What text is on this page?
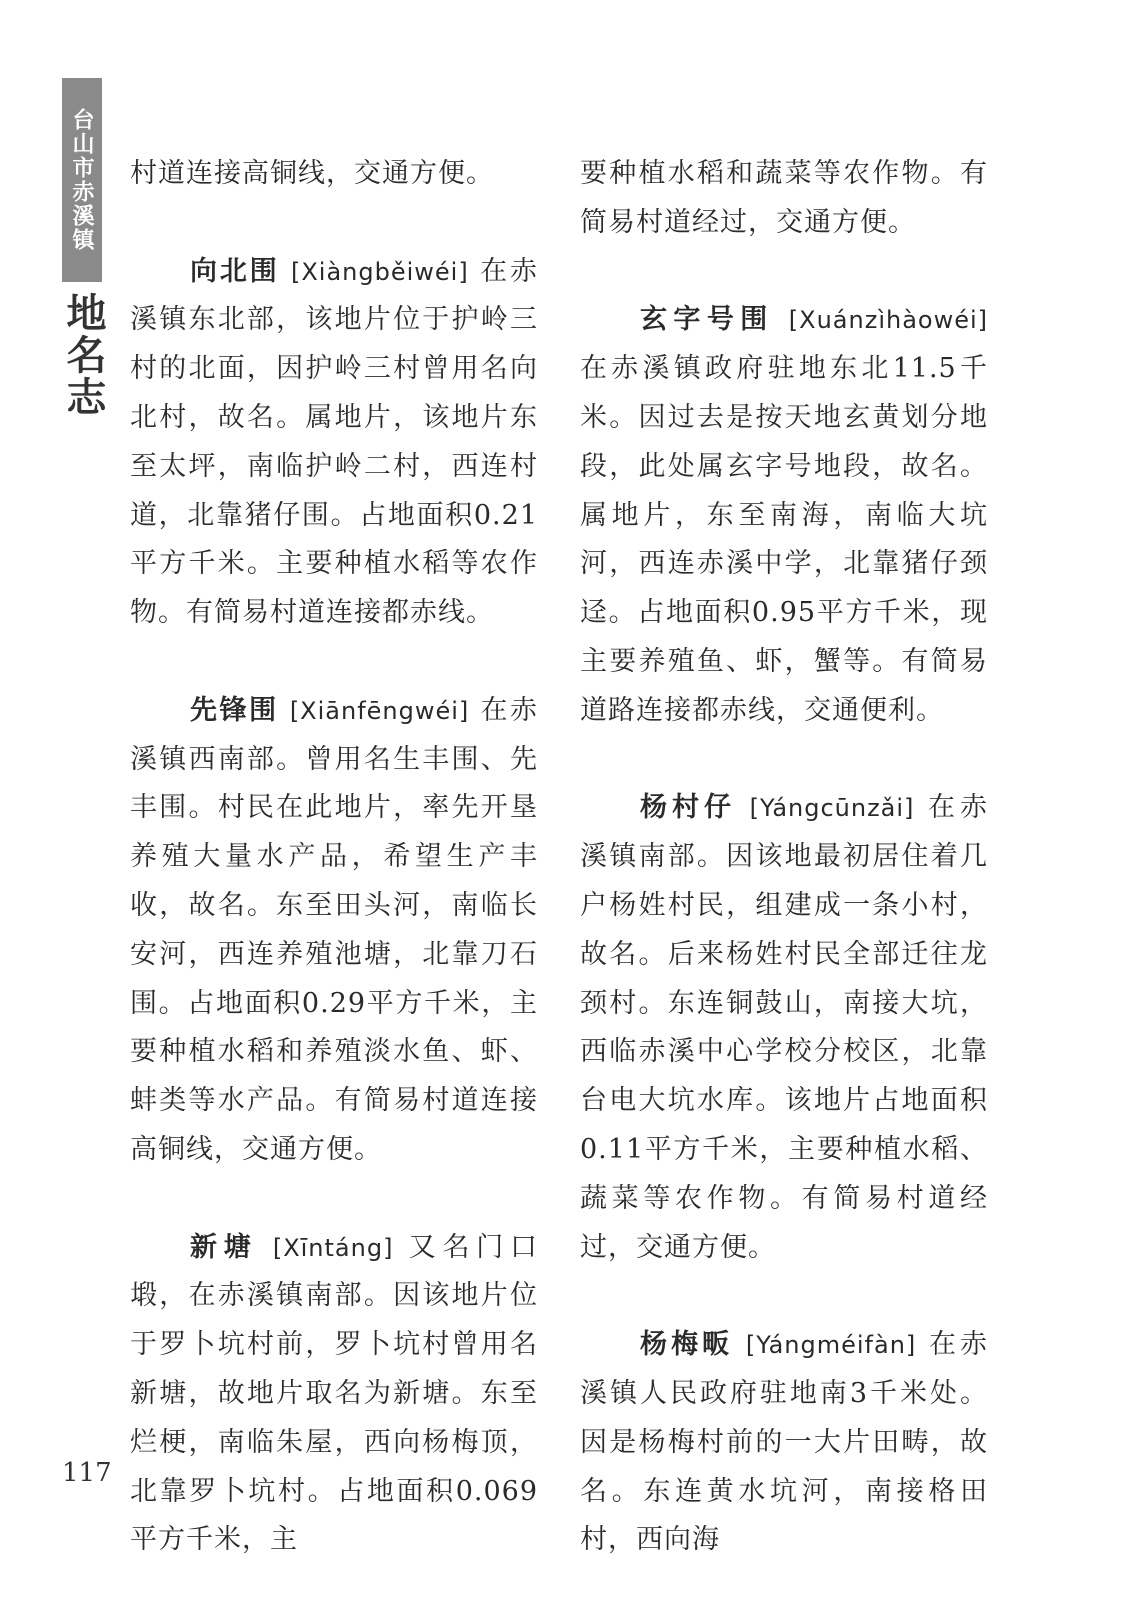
台山市赤溪镇
地名志

村道连接高铜线，交通方便。

向北围 [Xiàngběiwéi] 在赤溪镇东北部，该地片位于护岭三村的北面，因护岭三村曾用名向北村，故名。属地片，该地片东至太坪，南临护岭二村，西连村道，北靠猪仔围。占地面积0.21平方千米。主要种植水稻等农作物。有简易村道连接都赤线。

先锋围 [Xiānfēngwéi] 在赤溪镇西南部。曾用名生丰围、先丰围。村民在此地片，率先开垦养殖大量水产品，希望生产丰收，故名。东至田头河，南临长安河，西连养殖池塘，北靠刀石围。占地面积0.29平方千米，主要种植水稻和养殖淡水鱼、虾、蚌类等水产品。有简易村道连接高铜线，交通方便。

新塘 [Xīntáng] 又名门口塅，在赤溪镇南部。因该地片位于罗卜坑村前，罗卜坑村曾用名新塘，故地片取名为新塘。东至烂梗，南临朱屋，西向杨梅顶，北靠罗卜坑村。占地面积0.069平方千米，主

要种植水稻和蔬菜等农作物。有简易村道经过，交通方便。

玄字号围 [Xuánzìhàowéi] 在赤溪镇政府驻地东北11.5千米。因过去是按天地玄黄划分地段，此处属玄字号地段，故名。属地片，东至南海，南临大坑河，西连赤溪中学，北靠猪仔颈迳。占地面积0.95平方千米，现主要养殖鱼、虾，蟹等。有简易道路连接都赤线，交通便利。

杨村仔 [Yángcūnzǎi] 在赤溪镇南部。因该地最初居住着几户杨姓村民，组建成一条小村，故名。后来杨姓村民全部迁往龙颈村。东连铜鼓山，南接大坑，西临赤溪中心学校分校区，北靠台电大坑水库。该地片占地面积0.11平方千米，主要种植水稻、蔬菜等农作物。有简易村道经过，交通方便。

杨梅畈 [Yángméifàn] 在赤溪镇人民政府驻地南3千米处。因是杨梅村前的一大片田畴，故名。东连黄水坑河，南接格田村，西向海

117
